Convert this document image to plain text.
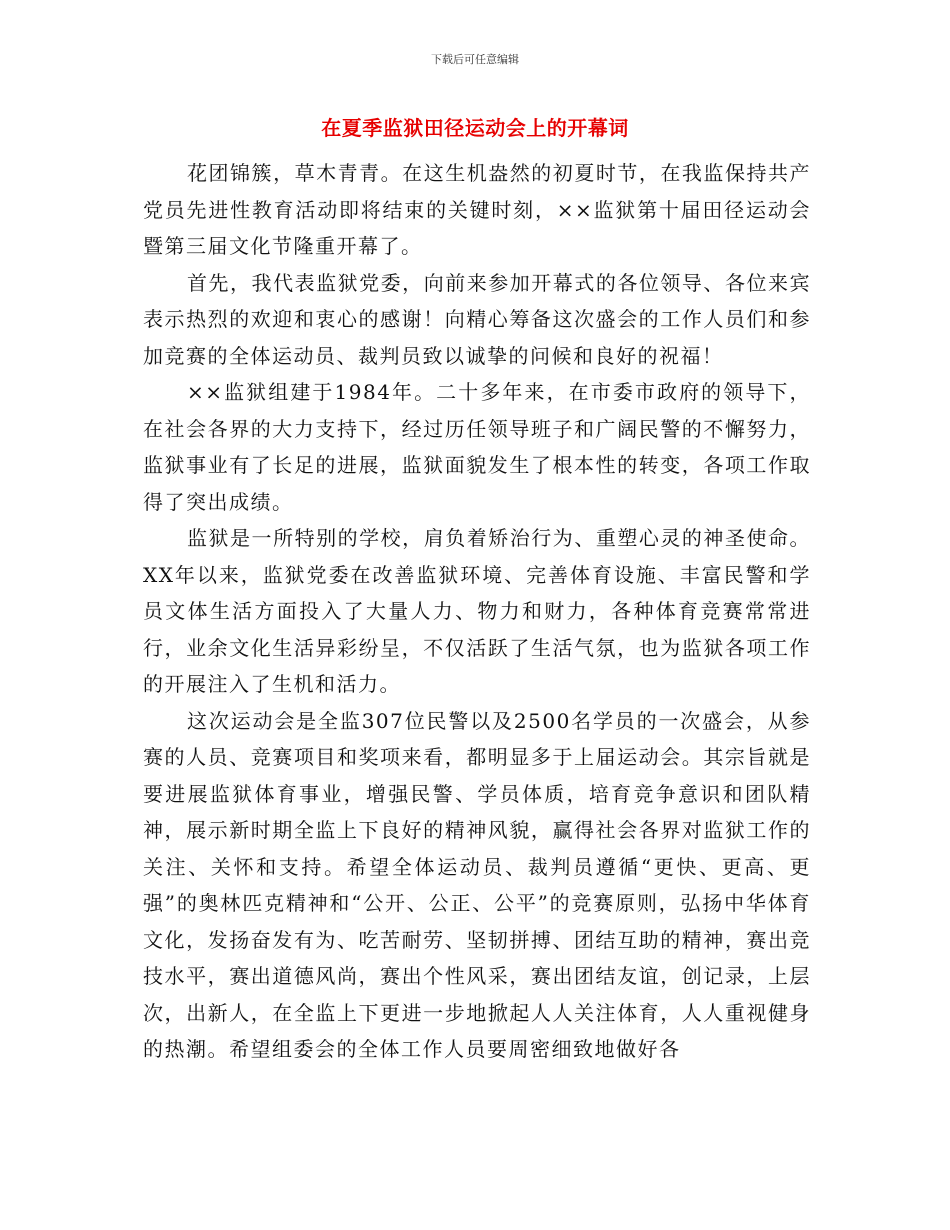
下载后可任意编辑
在夏季监狱田径运动会上的开幕词

花团锦簇，草木青青。在这生机盎然的初夏时节，在我监保持共产党员先进性教育活动即将结束的关键时刻，××监狱第十届田径运动会暨第三届文化节隆重开幕了。

首先，我代表监狱党委，向前来参加开幕式的各位领导、各位来宾表示热烈的欢迎和衷心的感谢！向精心筹备这次盛会的工作人员们和参加竞赛的全体运动员、裁判员致以诚挚的问候和良好的祝福！

××监狱组建于1984年。二十多年来，在市委市政府的领导下，在社会各界的大力支持下，经过历任领导班子和广阔民警的不懈努力，监狱事业有了长足的进展，监狱面貌发生了根本性的转变，各项工作取得了突出成绩。

监狱是一所特别的学校，肩负着矫治行为、重塑心灵的神圣使命。XX年以来，监狱党委在改善监狱环境、完善体育设施、丰富民警和学员文体生活方面投入了大量人力、物力和财力，各种体育竞赛常常进行，业余文化生活异彩纷呈，不仅活跃了生活气氛，也为监狱各项工作的开展注入了生机和活力。

这次运动会是全监307位民警以及2500名学员的一次盛会，从参赛的人员、竞赛项目和奖项来看，都明显多于上届运动会。其宗旨就是要进展监狱体育事业，增强民警、学员体质，培育竞争意识和团队精神，展示新时期全监上下良好的精神风貌，赢得社会各界对监狱工作的关注、关怀和支持。希望全体运动员、裁判员遵循“更快、更高、更强”的奥林匹克精神和“公开、公正、公平”的竞赛原则，弘扬中华体育文化，发扬奋发有为、吃苦耐劳、坚韧拼搏、团结互助的精神，赛出竞技水平，赛出道德风尚，赛出个性风采，赛出团结友谊，创记录，上层次，出新人，在全监上下更进一步地掀起人人关注体育，人人重视健身的热潮。希望组委会的全体工作人员要周密细致地做好各
